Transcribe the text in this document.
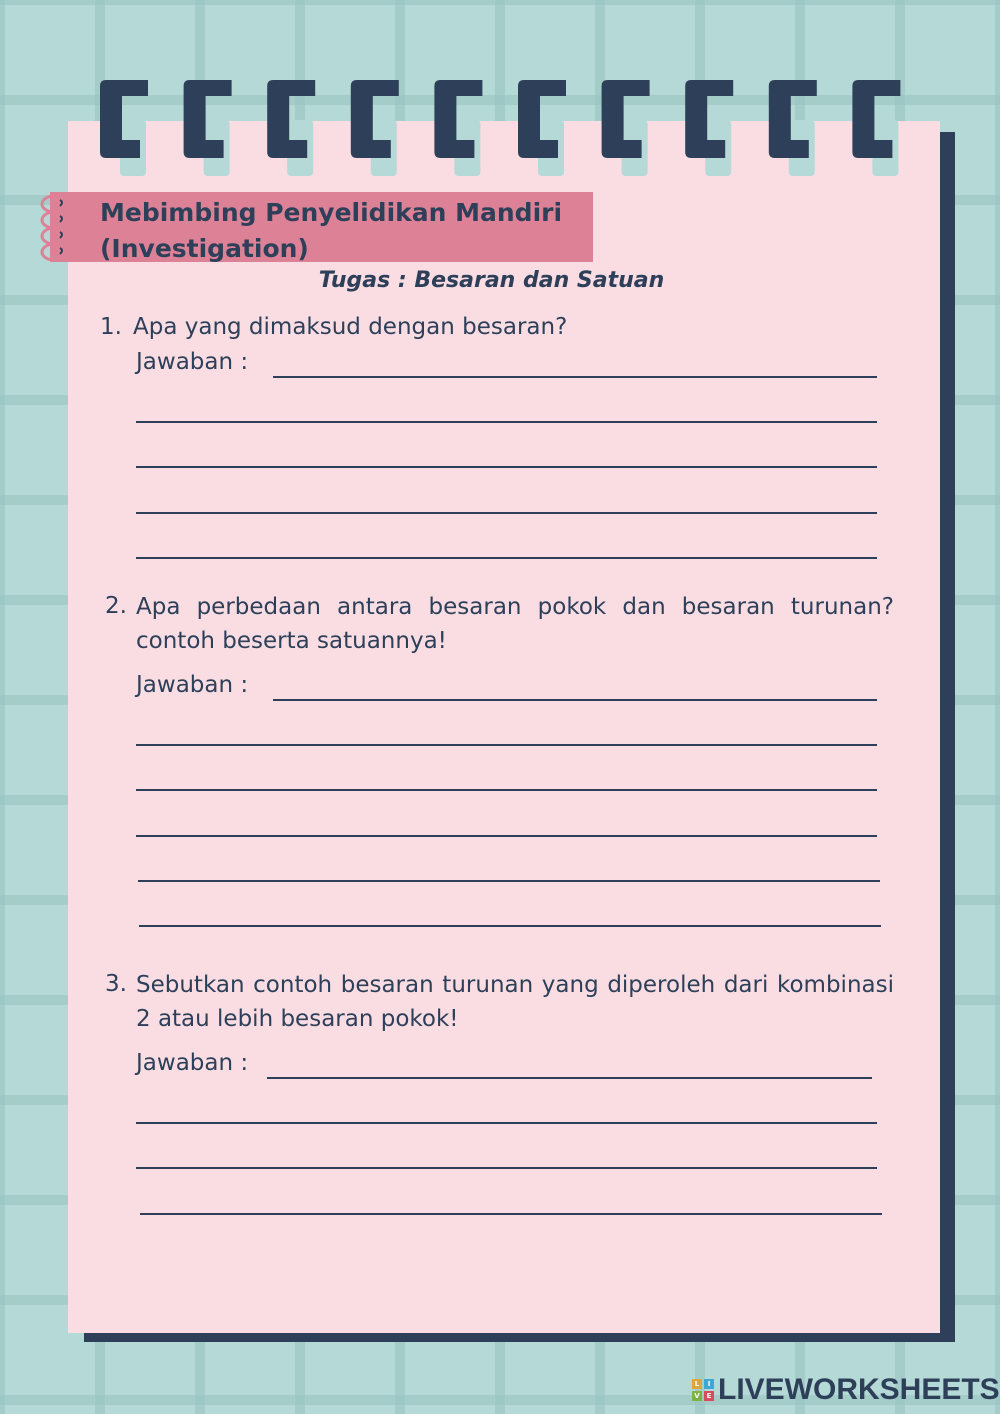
Mebimbing Penyelidikan Mandiri
(Investigation)
Tugas : Besaran dan Satuan
1. Apa yang dimaksud dengan besaran?
Jawaban :
2. Apa perbedaan antara besaran pokok dan besaran turunan? contoh beserta satuannya!
Jawaban :
3. Sebutkan contoh besaran turunan yang diperoleh dari kombinasi 2 atau lebih besaran pokok!
Jawaban :
L	I
V E LIVEWORKSHEETS
